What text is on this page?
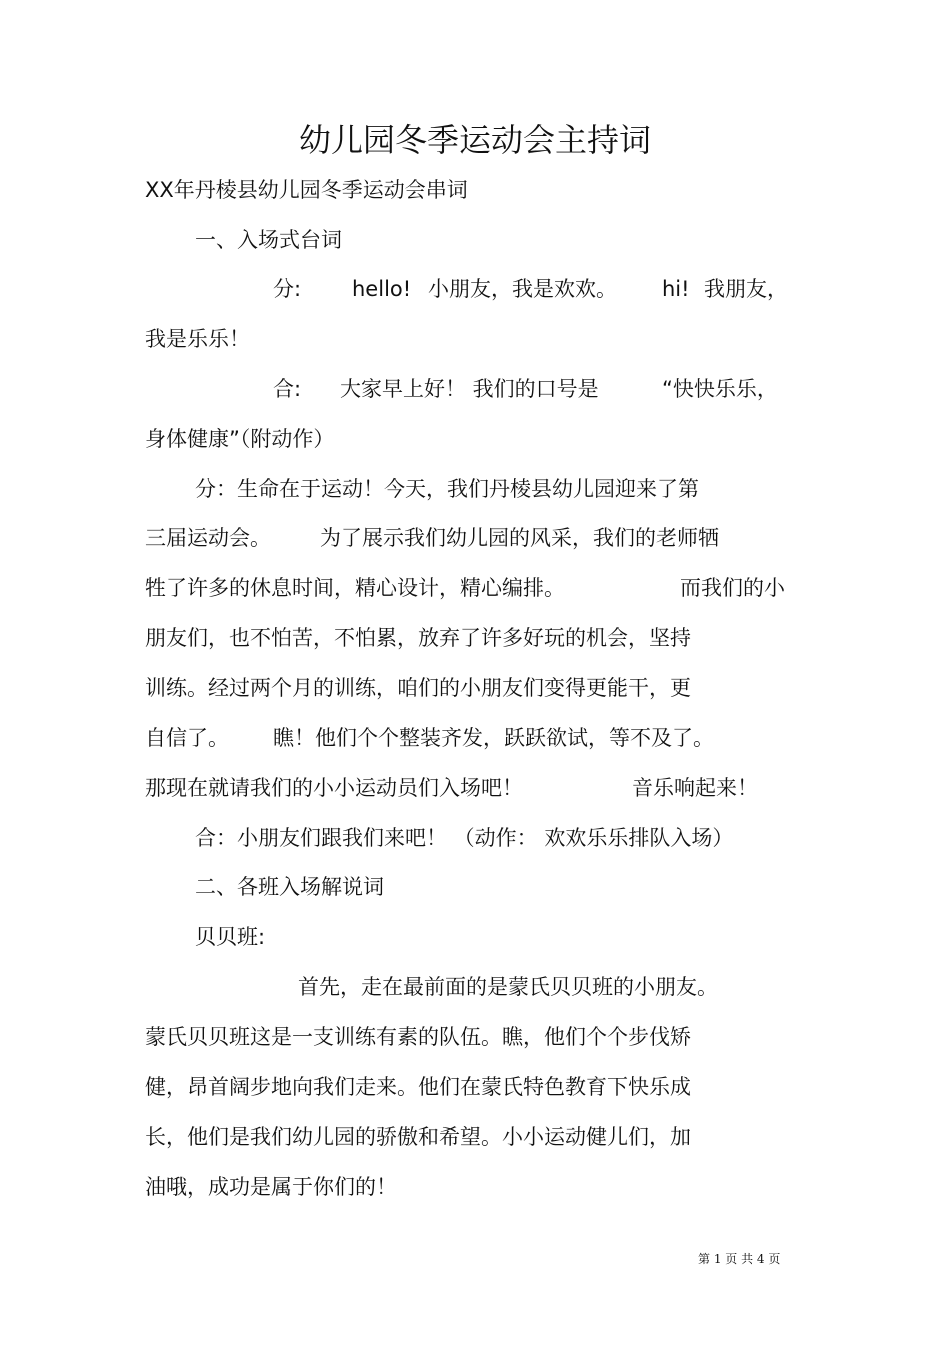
幼儿园冬季运动会主持词
XX年丹棱县幼儿园冬季运动会串词
一、入场式台词
分: hello! 小朋友，我是欢欢。 hi! 我朋友，
我是乐乐！
合: 大家早上好！ 我们的口号是	“快快乐乐，
身体健康”（附动作）
分：生命在于运动！今天，我们丹棱县幼儿园迎来了第
三届运动会。 为了展示我们幼儿园的风采，我们的老师牺
牲了许多的休息时间，精心设计，精心编排。	而我们的小
朋友们，也不怕苦，不怕累，放弃了许多好玩的机会，坚持
训练。经过两个月的训练，咱们的小朋友们变得更能干，更
自信了。 瞧！他们个个整装齐发，跃跃欲试，等不及了。
那现在就请我们的小小运动员们入场吧！	音乐响起来！
合：小朋友们跟我们来吧！ （动作： 欢欢乐乐排队入场）
二、各班入场解说词
贝贝班:
首先，走在最前面的是蒙氏贝贝班的小朋友。
蒙氏贝贝班这是一支训练有素的队伍。瞧，他们个个步伐矫
健，昂首阔步地向我们走来。他们在蒙氏特色教育下快乐成
长，他们是我们幼儿园的骄傲和希望。小小运动健儿们，加
油哦，成功是属于你们的！
第 1 页 共 4 页
